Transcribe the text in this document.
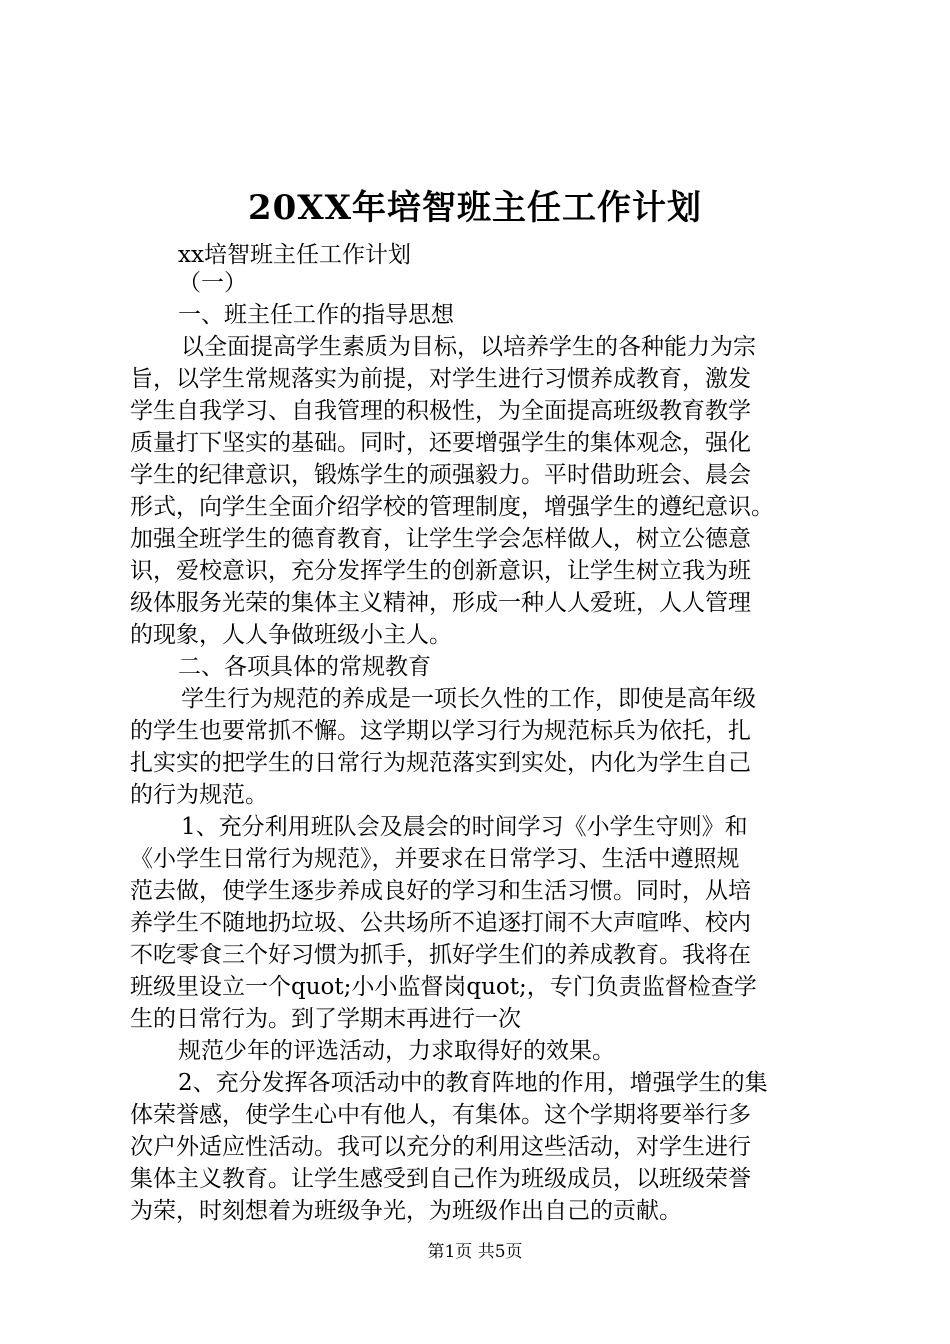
20XX年培智班主任工作计划
xx培智班主任工作计划
（一）
一、班主任工作的指导思想
以全面提高学生素质为目标，以培养学生的各种能力为宗
旨，以学生常规落实为前提，对学生进行习惯养成教育，激发
学生自我学习、自我管理的积极性，为全面提高班级教育教学
质量打下坚实的基础。同时，还要增强学生的集体观念，强化
学生的纪律意识，锻炼学生的顽强毅力。平时借助班会、晨会
形式，向学生全面介绍学校的管理制度，增强学生的遵纪意识。
加强全班学生的德育教育，让学生学会怎样做人，树立公德意
识，爱校意识，充分发挥学生的创新意识，让学生树立我为班
级体服务光荣的集体主义精神，形成一种人人爱班，人人管理
的现象，人人争做班级小主人。
二、各项具体的常规教育
学生行为规范的养成是一项长久性的工作，即使是高年级
的学生也要常抓不懈。这学期以学习行为规范标兵为依托，扎
扎实实的把学生的日常行为规范落实到实处，内化为学生自己
的行为规范。
1、充分利用班队会及晨会的时间学习《小学生守则》和
《小学生日常行为规范》，并要求在日常学习、生活中遵照规
范去做，使学生逐步养成良好的学习和生活习惯。同时，从培
养学生不随地扔垃圾、公共场所不追逐打闹不大声喧哗、校内
不吃零食三个好习惯为抓手，抓好学生们的养成教育。我将在
班级里设立一个quot;小小监督岗quot;，专门负责监督检查学
生的日常行为。到了学期末再进行一次
规范少年的评选活动，力求取得好的效果。
2、充分发挥各项活动中的教育阵地的作用，增强学生的集
体荣誉感，使学生心中有他人，有集体。这个学期将要举行多
次户外适应性活动。我可以充分的利用这些活动，对学生进行
集体主义教育。让学生感受到自己作为班级成员，以班级荣誉
为荣，时刻想着为班级争光，为班级作出自己的贡献。
第1页 共5页
